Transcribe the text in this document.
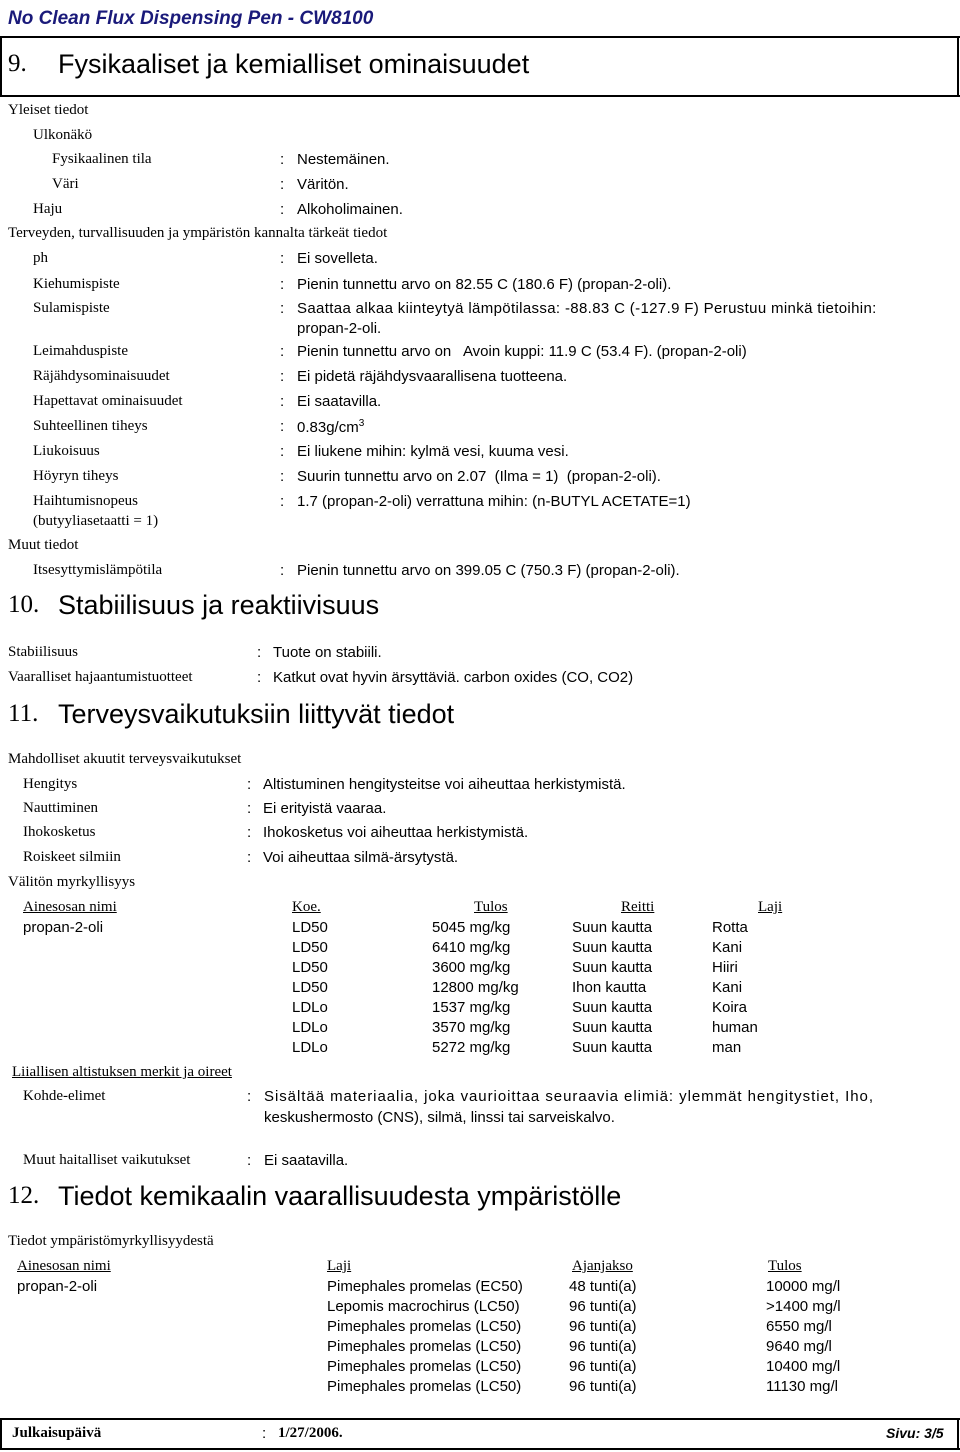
No Clean Flux Dispensing Pen - CW8100
9. Fysikaaliset ja kemialliset ominaisuudet
Yleiset tiedot
Ulkonäkö
Fysikaalinen tila	: Nestemäinen.
Väri	: Väritön.
Haju	: Alkoholimainen.
Terveyden, turvallisuuden ja ympäristön kannalta tärkeät tiedot
ph	: Ei sovelleta.
Kiehumispiste	: Pienin tunnettu arvo on 82.55 C (180.6 F) (propan-2-oli).
Sulamispiste	: Saattaa alkaa kiinteytyä lämpötilassa: -88.83 C (-127.9 F) Perustuu minkä tietoihin:
propan-2-oli.
Leimahduspiste	: Pienin tunnettu arvo on   Avoin kuppi: 11.9 C (53.4 F). (propan-2-oli)
Räjähdysominaisuudet	: Ei pidetä räjähdysvaarallisena tuotteena.
Hapettavat ominaisuudet	: Ei saatavilla.
Suhteellinen tiheys	: $0.83g/cm^3$
Liukoisuus	: Ei liukene mihin: kylmä vesi, kuuma vesi.
Höyryn tiheys	: Suurin tunnettu arvo on 2.07  (Ilma = 1)  (propan-2-oli).
Haihtumisnopeus
(butyyliasetaatti = 1)
: 1.7 (propan-2-oli) verrattuna mihin: (n-BUTYL ACETATE=1)
Muut tiedot
Itsesyttymislämpötila	: Pienin tunnettu arvo on 399.05 C (750.3 F) (propan-2-oli).
10. Stabiilisuus ja reaktiivisuus
Stabiilisuus	: Tuote on stabiili.
Vaaralliset hajaantumistuotteet	: Katkut ovat hyvin ärsyttäviä. carbon oxides (CO, CO2)
11. Terveysvaikutuksiin liittyvät tiedot
Mahdolliset akuutit terveysvaikutukset
Hengitys	: Altistuminen hengitysteitse voi aiheuttaa herkistymistä.
Nauttiminen	: Ei erityistä vaaraa.
Ihokosketus	: Ihokosketus voi aiheuttaa herkistymistä.
Roiskeet silmiin	: Voi aiheuttaa silmä-ärsytystä.
Välitön myrkyllisyys
Ainesosan nimi	Koe.	Tulos	Reitti	Laji
propan-2-oli	LD50	5045 mg/kg	Suun kautta	Rotta
LD50	6410 mg/kg	Suun kautta	Kani
LD50	3600 mg/kg	Suun kautta	Hiiri
LD50	12800 mg/kg	Ihon kautta	Kani
LDLo	1537 mg/kg	Suun kautta	Koira
LDLo	3570 mg/kg	Suun kautta	human
LDLo	5272 mg/kg	Suun kautta	man
Liiallisen altistuksen merkit ja oireet
Kohde-elimet	: Sisältää materiaalia, joka vaurioittaa seuraavia elimiä: ylemmät hengitystiet, Iho,
keskushermosto (CNS), silmä, linssi tai sarveiskalvo.
Muut haitalliset vaikutukset	: Ei saatavilla.
12. Tiedot kemikaalin vaarallisuudesta ympäristölle
Tiedot ympäristömyrkyllisyydestä
Ainesosan nimi	Laji	Ajanjakso	Tulos
propan-2-oli	Pimephales promelas (EC50)	48 tunti(a)	10000 mg/l
Lepomis macrochirus (LC50)	96 tunti(a)	>1400 mg/l
Pimephales promelas (LC50)	96 tunti(a)	6550 mg/l
Pimephales promelas (LC50)	96 tunti(a)	9640 mg/l
Pimephales promelas (LC50)	96 tunti(a)	10400 mg/l
Pimephales promelas (LC50)	96 tunti(a)	11130 mg/l
Julkaisupäivä	: 1/27/2006.	Sivu: 3/5
